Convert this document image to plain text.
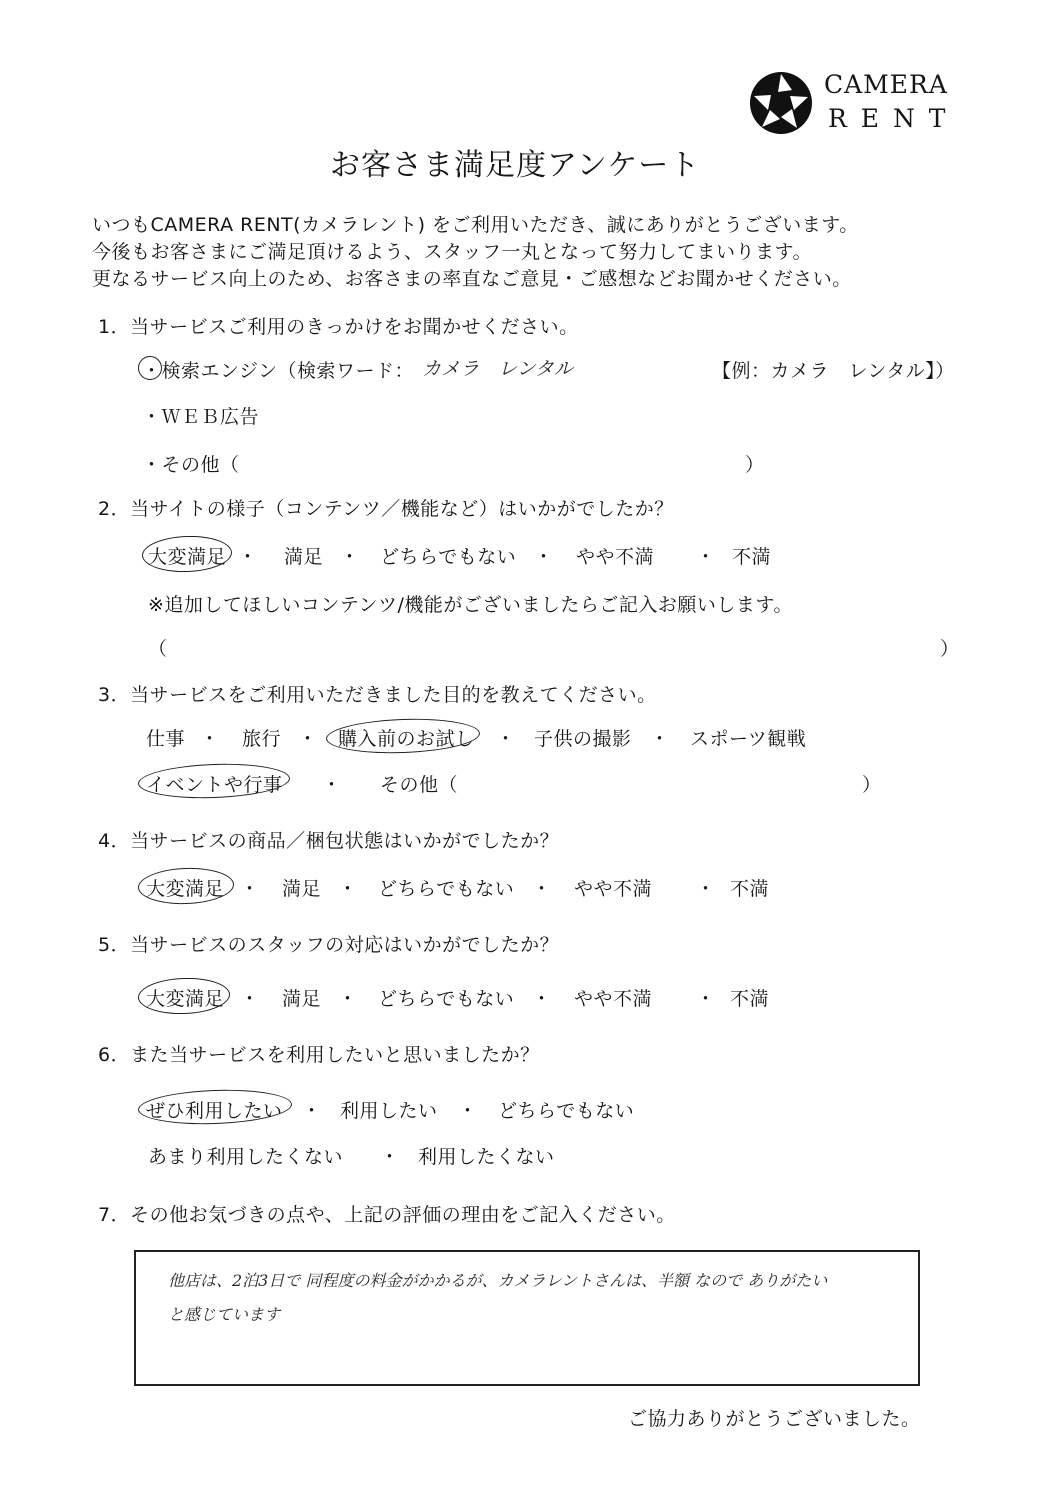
CAMERA
R E N T
お客さま満足度アンケート
いつもCAMERA RENT(カメラレント) をご利用いただき、誠にありがとうございます。
今後もお客さまにご満足頂けるよう、スタッフ一丸となって努力してまいります。
更なるサービス向上のため、お客さまの率直なご意見・ご感想などお聞かせください。
1．当サービスご利用のきっかけをお聞かせください。
・検索エンジン（検索ワード： カメラ　レンタル	【例：カメラ　レンタル】）
・ＷＥＢ広告
・その他（	）
2．当サイトの様子（コンテンツ／機能など）はいかがでしたか？
大変満足 ・ 満足 ・ どちらでもない ・ やや不満 ・ 不満
※追加してほしいコンテンツ/機能がございましたらご記入お願いします。
（	）
3．当サービスをご利用いただきました目的を教えてください。
仕事 ・ 旅行 ・ 購入前のお試し ・ 子供の撮影 ・ スポーツ観戦
イベントや行事 ・ その他（	）
4．当サービスの商品／梱包状態はいかがでしたか？
大変満足 ・ 満足 ・ どちらでもない ・ やや不満 ・ 不満
5．当サービスのスタッフの対応はいかがでしたか？
大変満足 ・ 満足 ・ どちらでもない ・ やや不満 ・ 不満
6．また当サービスを利用したいと思いましたか？
ぜひ利用したい ・ 利用したい ・ どちらでもない
あまり利用したくない ・ 利用したくない
7．その他お気づきの点や、上記の評価の理由をご記入ください。
他店は、2泊3日で 同程度の料金がかかるが、カメラレントさんは、半額 なので ありがたい
と感じています
ご協力ありがとうございました。
